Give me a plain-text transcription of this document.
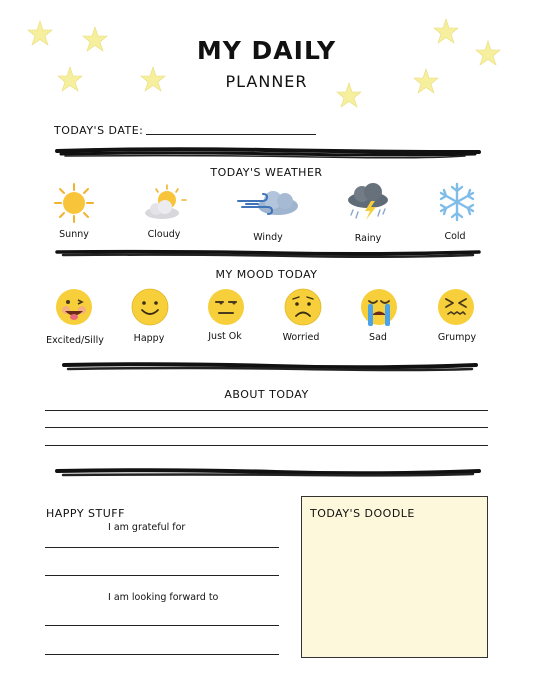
MY DAILY
PLANNER
TODAY'S DATE:
TODAY'S WEATHER
Sunny	Cloudy	Windy	Rainy	Cold
MY MOOD TODAY
Excited/Silly	Happy	Just Ok	Worried	Sad	Grumpy
ABOUT TODAY
HAPPY STUFF
I am grateful for
I am looking forward to
TODAY'S DOODLE
